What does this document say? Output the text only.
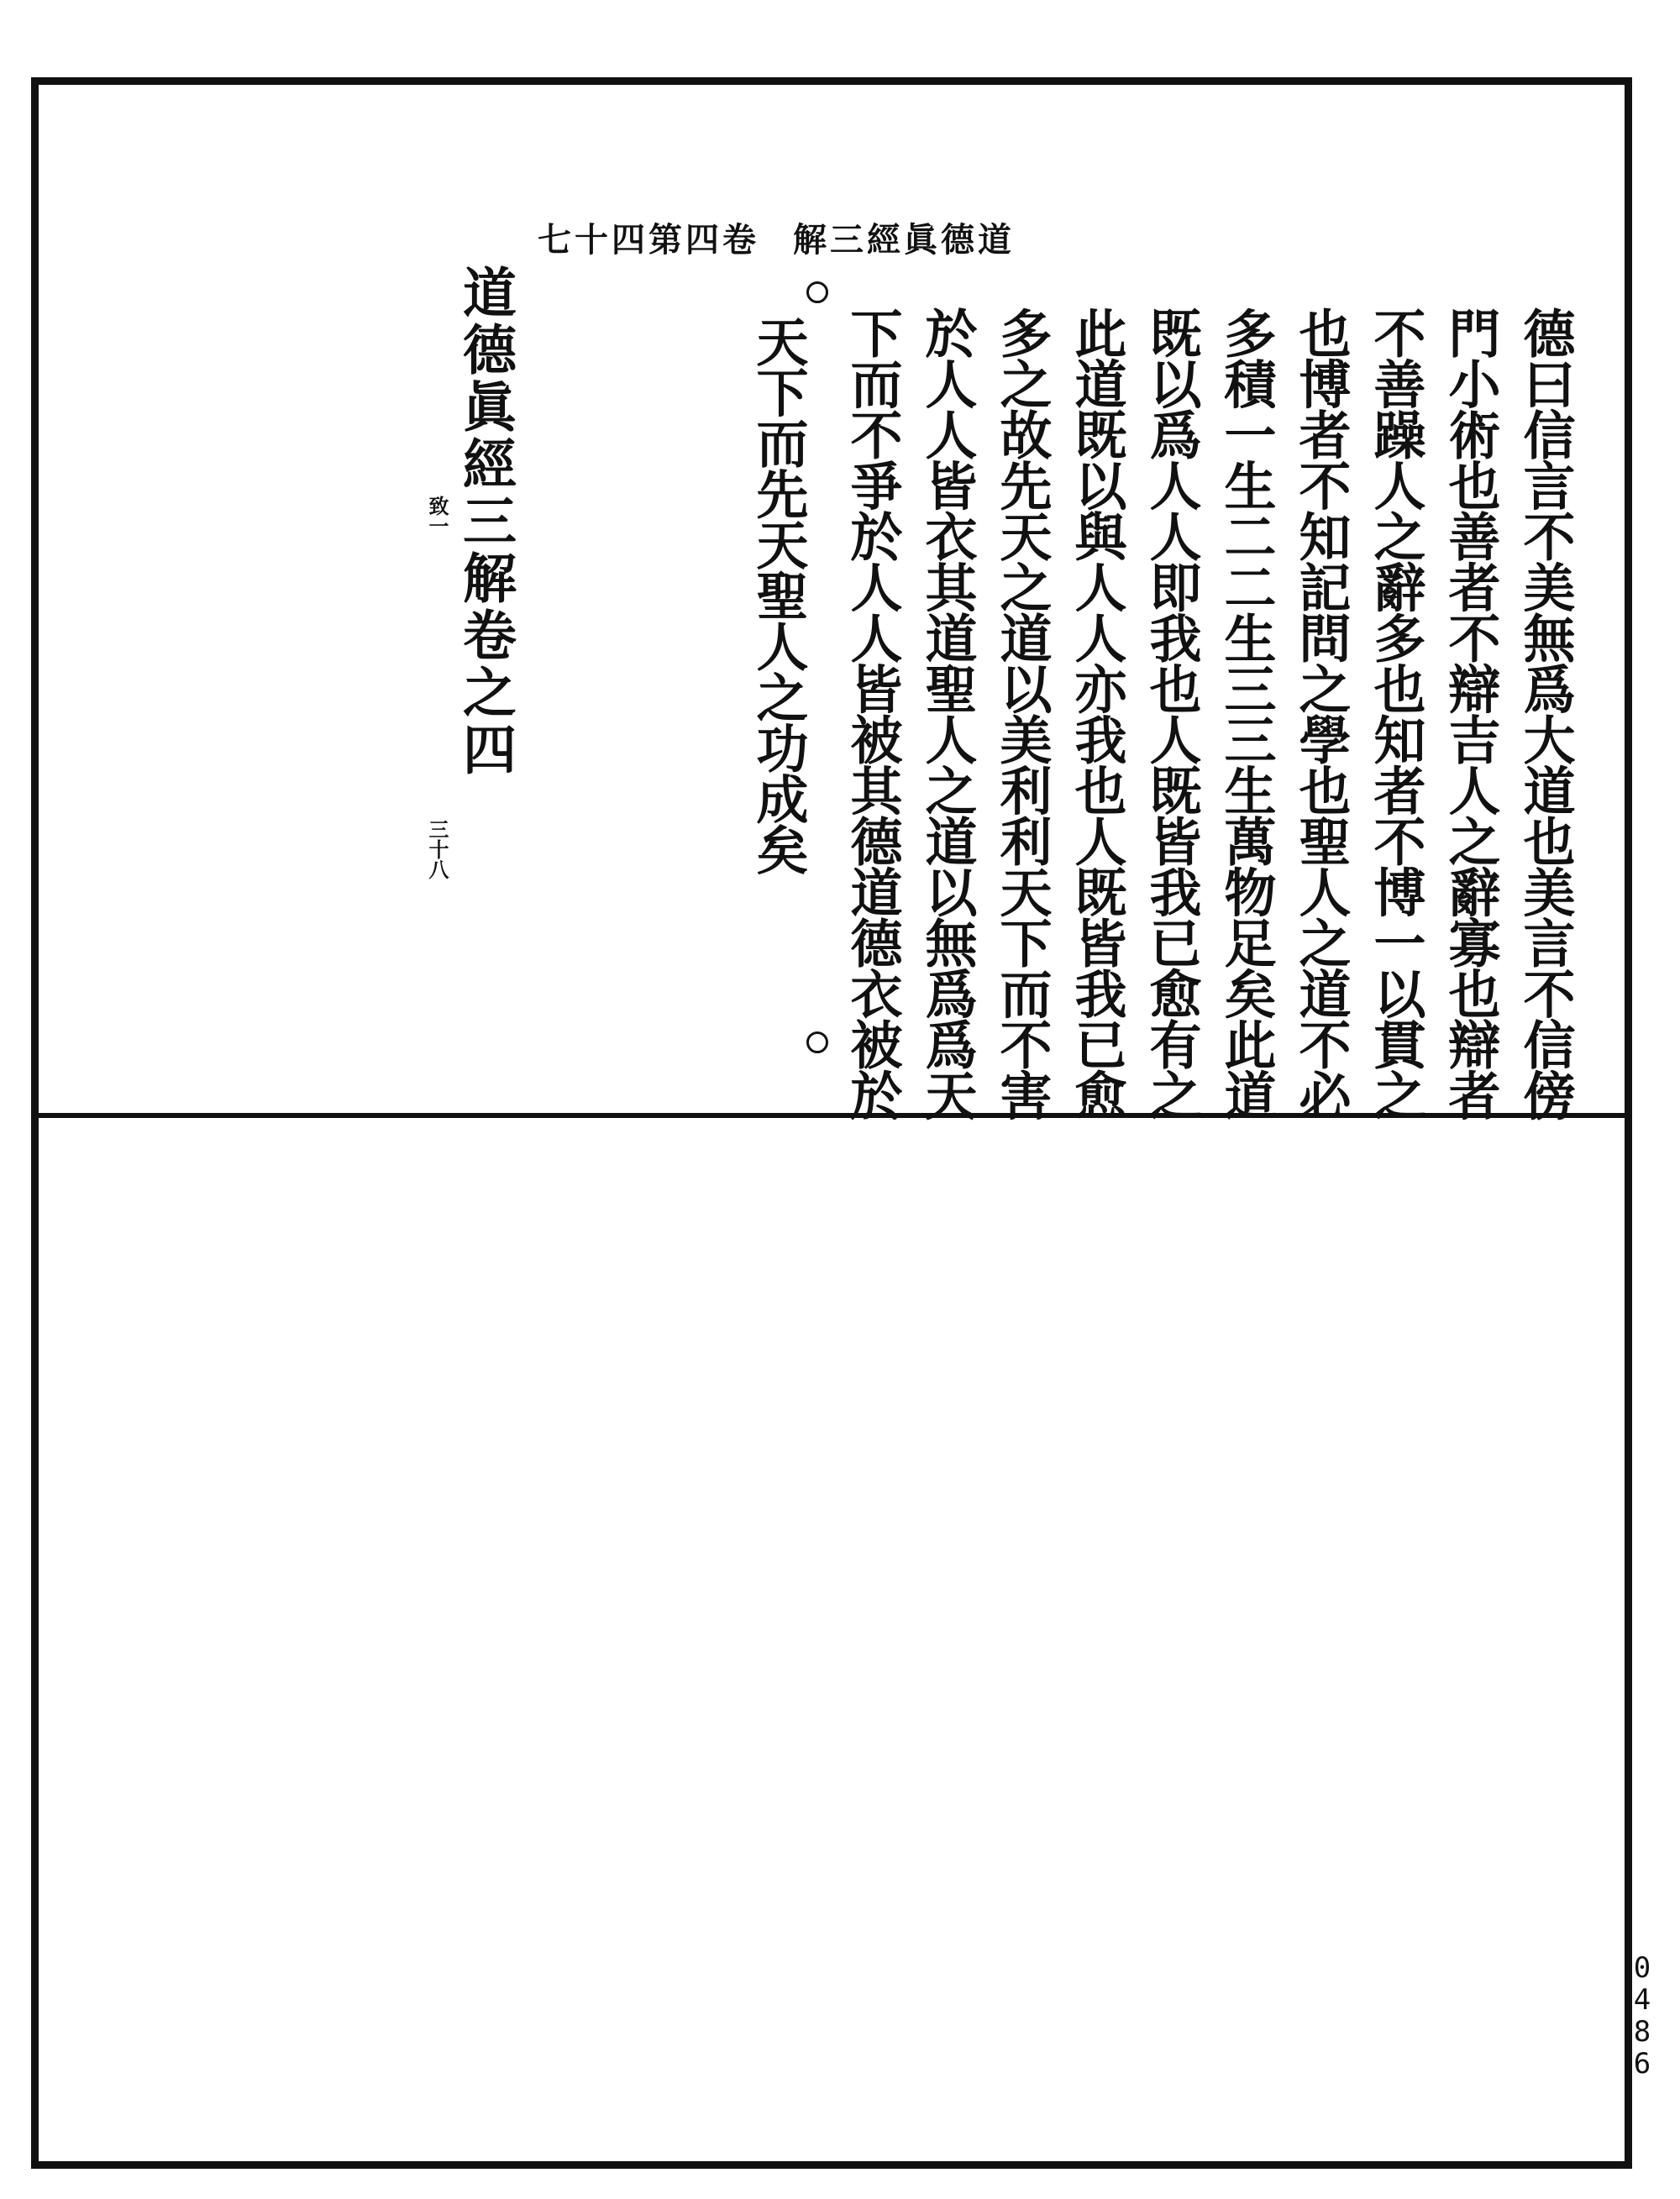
七十四第四卷 解三經眞德道
德曰信言不美無爲大道也美言不信傍
門小術也善者不辯吉人之辭寡也辯者
不善躁人之辭多也知者不博一以貫之
也博者不知記問之學也聖人之道不必
多積一生二二生三三生萬物足矣此道
既以爲人人即我也人既皆我已愈有之
此道既以與人人亦我也人既皆我已愈
多之故先天之道以美利利天下而不害
於人人皆衣其道聖人之道以無爲爲天
下而不爭於人人皆被其德道德衣被於
天下而先天聖人之功成矣
道德眞經三解卷之四
致一
三十八
0
4
8
6
